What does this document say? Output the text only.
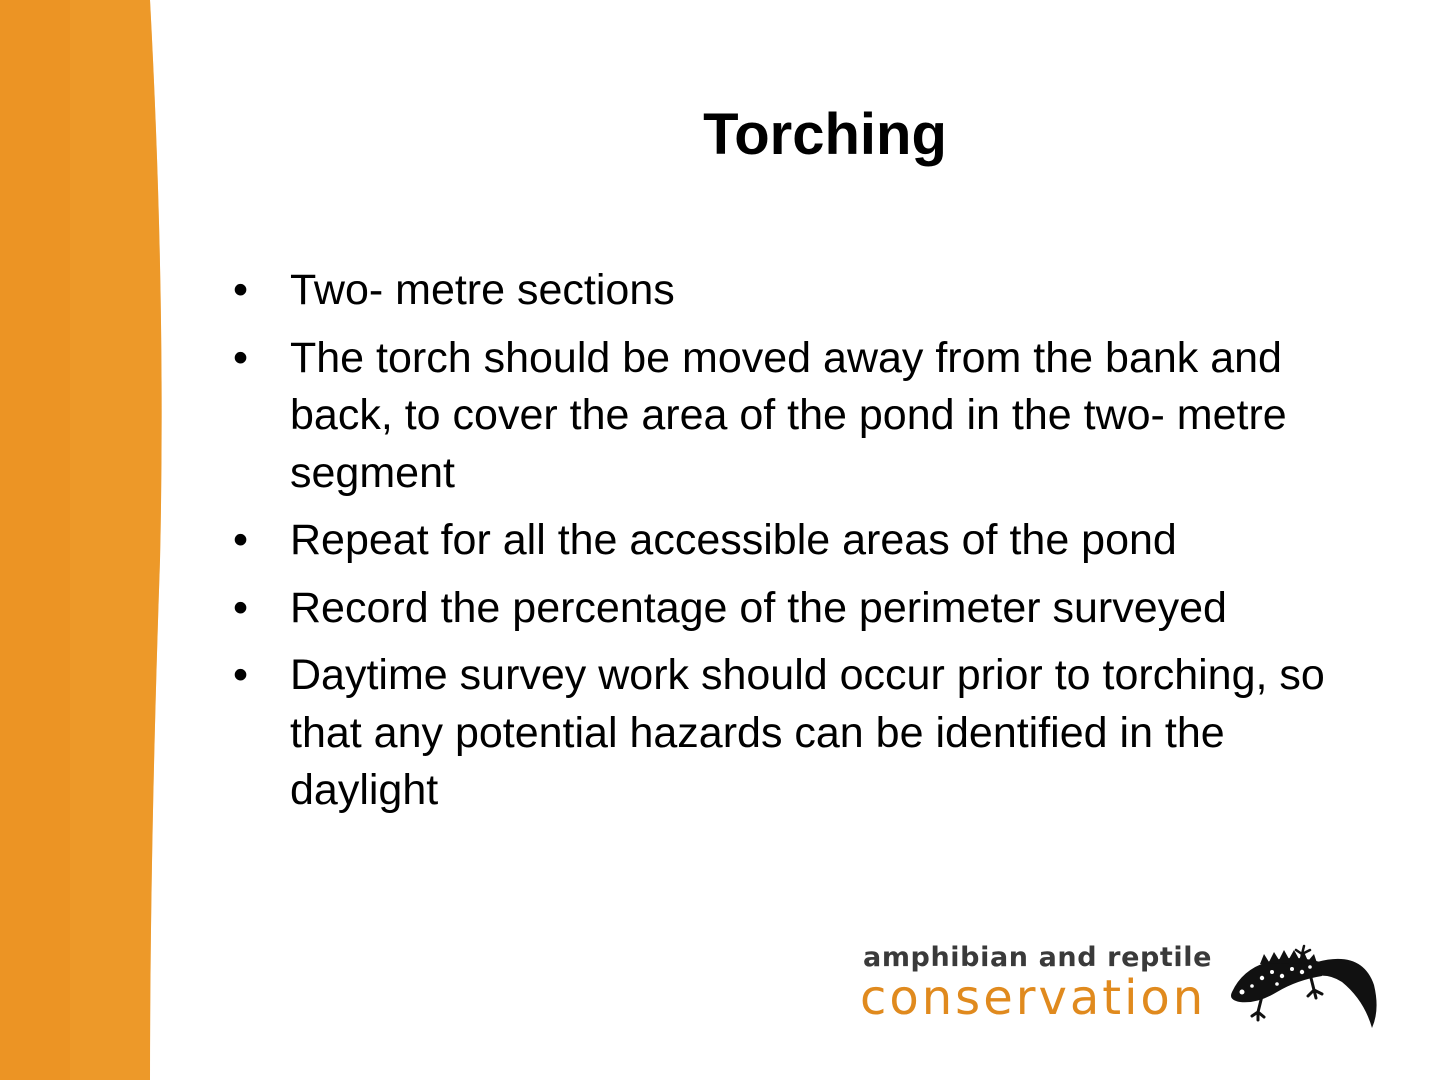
Torching
• Two- metre sections
• The torch should be moved away from the bank and back, to cover the area of the pond in the two- metre segment
• Repeat for all the accessible areas of the pond
• Record the percentage of the perimeter surveyed
• Daytime survey work should occur prior to torching, so that any potential hazards can be identified in the daylight
amphibian and reptile
conservation
